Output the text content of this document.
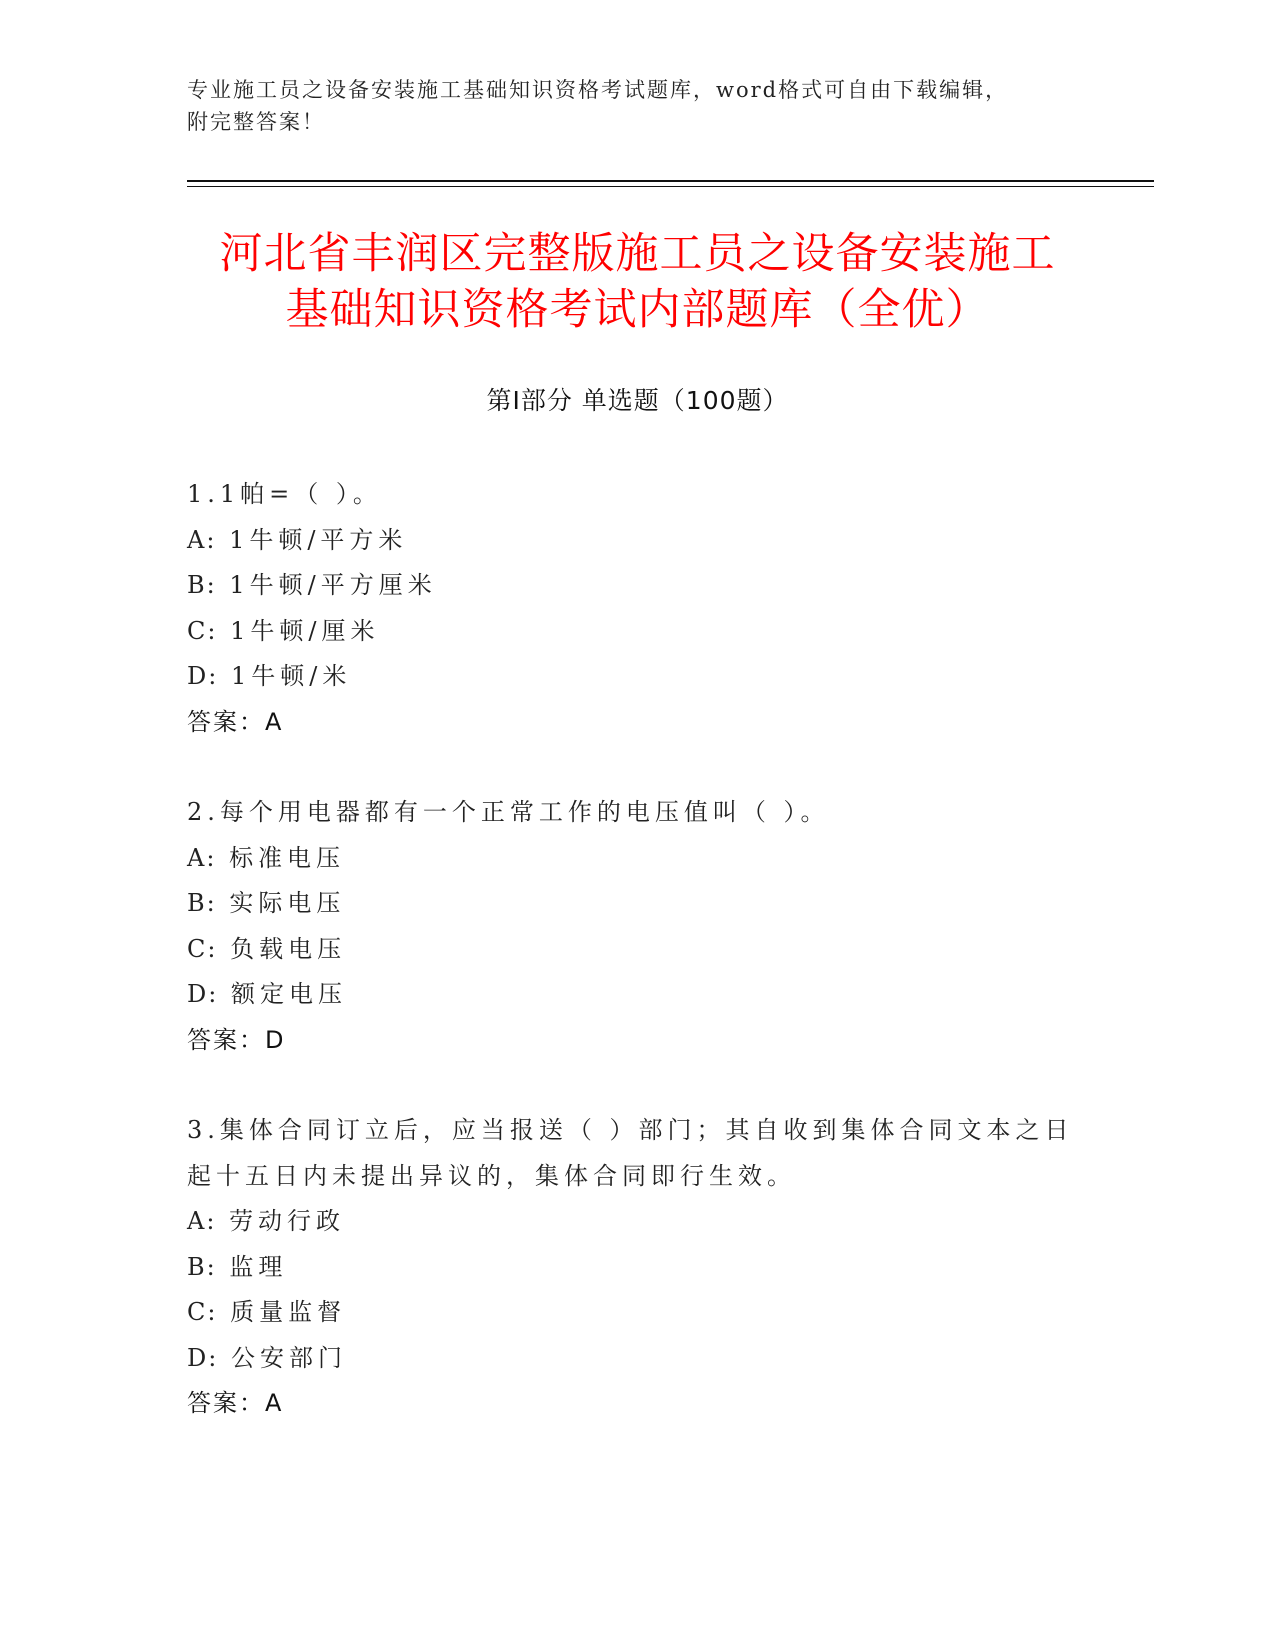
专业施工员之设备安装施工基础知识资格考试题库，word格式可自由下载编辑，
附完整答案！
河北省丰润区完整版施工员之设备安装施工
基础知识资格考试内部题库（全优）
第Ⅰ部分 单选题（100题）
1.1帕=（ ）。
A: 1牛顿/平方米
B: 1牛顿/平方厘米
C: 1牛顿/厘米
D: 1牛顿/米
答案：A
2.每个用电器都有一个正常工作的电压值叫（ ）。
A: 标准电压
B: 实际电压
C: 负载电压
D: 额定电压
答案：D
3.集体合同订立后，应当报送（ ）部门；其自收到集体合同文本之日
起十五日内未提出异议的，集体合同即行生效。
A: 劳动行政
B: 监理
C: 质量监督
D: 公安部门
答案：A
